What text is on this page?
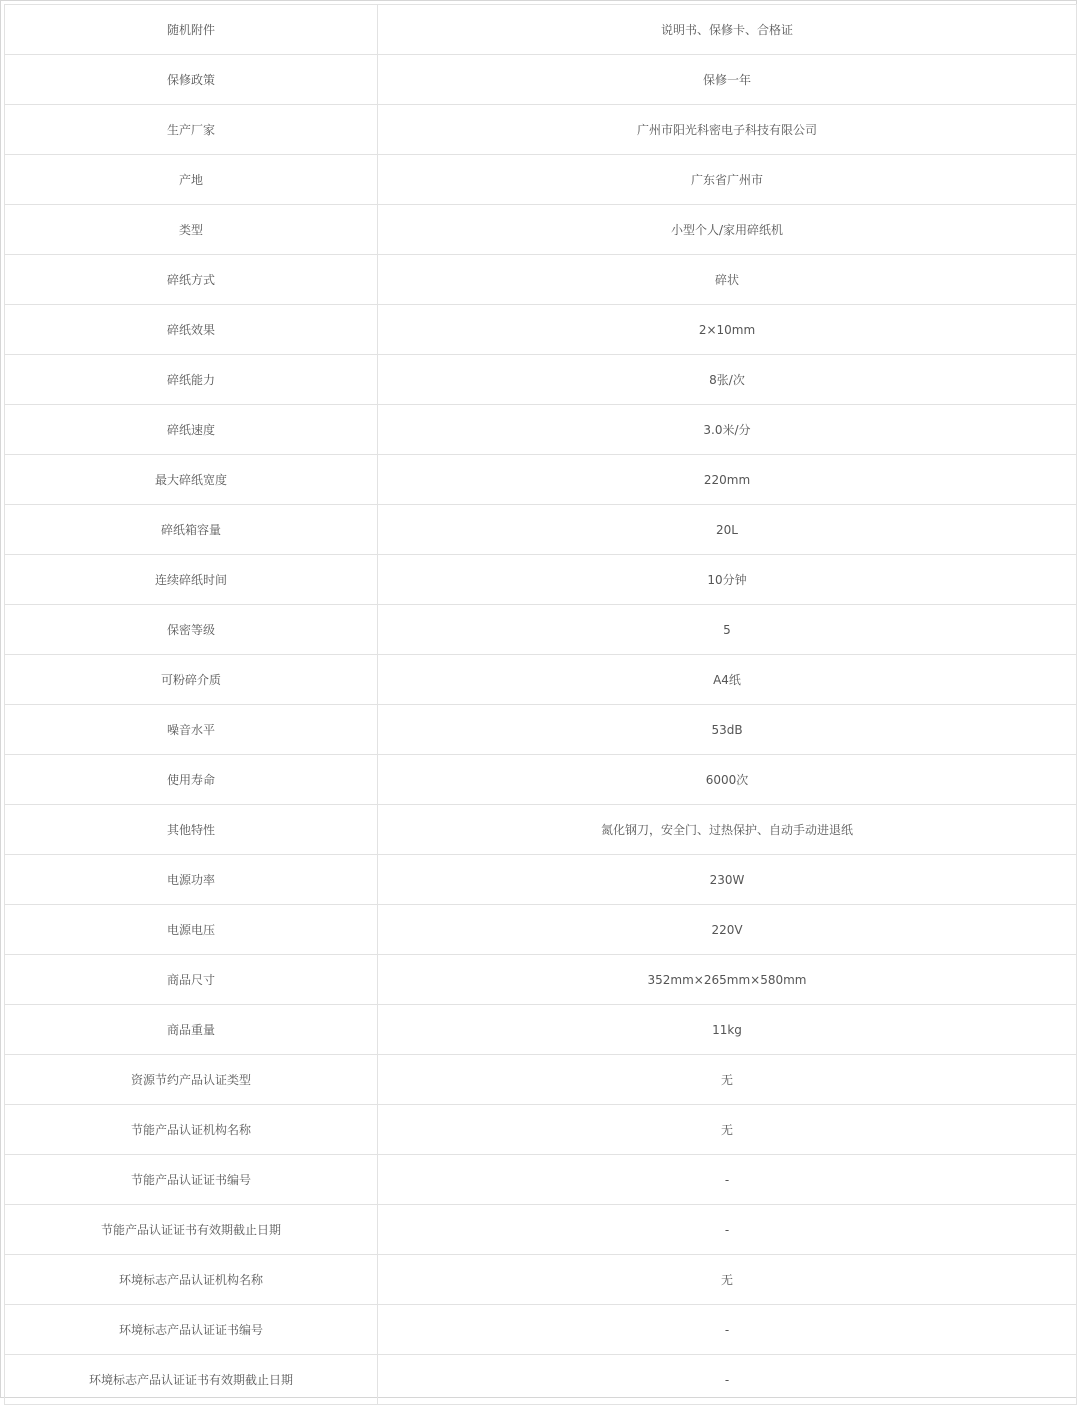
随机附件	说明书、保修卡、合格证
保修政策	保修一年
生产厂家	广州市阳光科密电子科技有限公司
产地	广东省广州市
类型	小型个人/家用碎纸机
碎纸方式	碎状
碎纸效果	2×10mm
碎纸能力	8张/次
碎纸速度	3.0米/分
最大碎纸宽度	220mm
碎纸箱容量	20L
连续碎纸时间	10分钟
保密等级	5
可粉碎介质	A4纸
噪音水平	53dB
使用寿命	6000次
其他特性	氮化钢刀，安全门、过热保护、自动手动进退纸
电源功率	230W
电源电压	220V
商品尺寸	352mm×265mm×580mm
商品重量	11kg
资源节约产品认证类型	无
节能产品认证机构名称	无
节能产品认证证书编号	-
节能产品认证证书有效期截止日期	-
环境标志产品认证机构名称	无
环境标志产品认证证书编号	-
环境标志产品认证证书有效期截止日期	-
